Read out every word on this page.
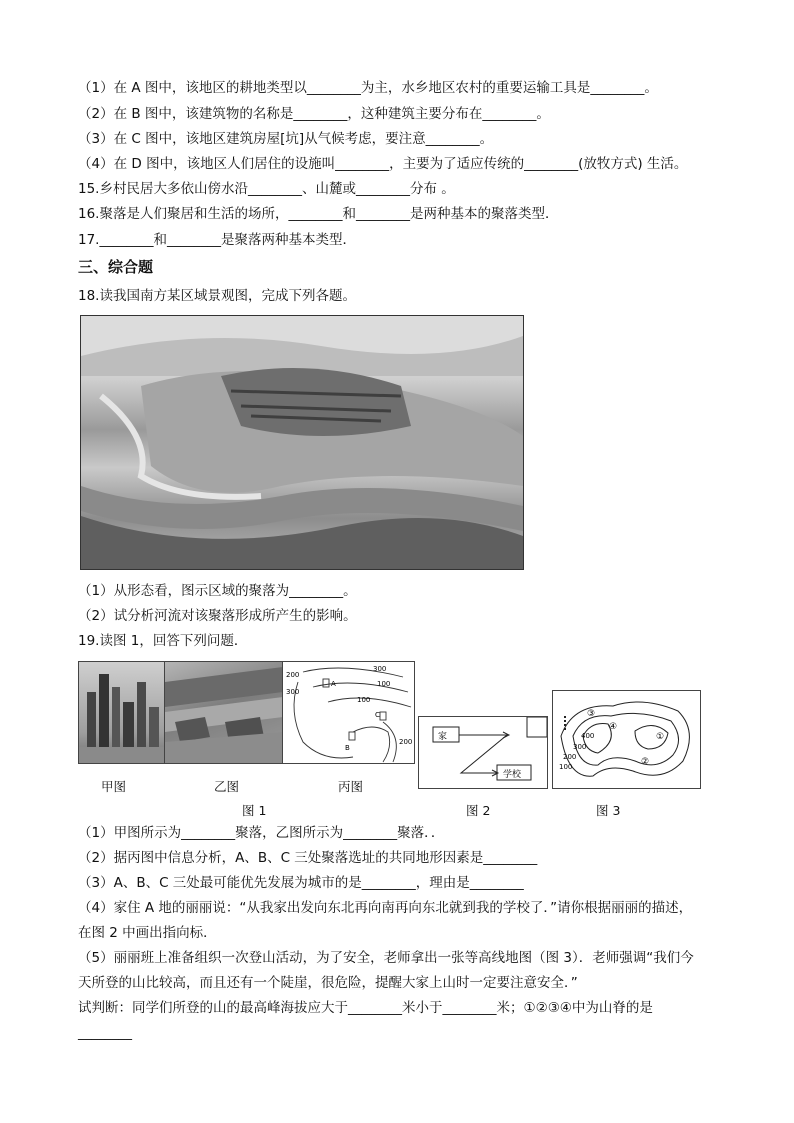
（1）在 A 图中，该地区的耕地类型以________为主，水乡地区农村的重要运输工具是________。
（2）在 B 图中，该建筑物的名称是________，这种建筑主要分布在________。
（3）在 C 图中，该地区建筑房屋[坑]从气候考虑，要注意________。
（4）在 D 图中，该地区人们居住的设施叫________，主要为了适应传统的________(放牧方式) 生活。
15.乡村民居大多依山傍水沿________、山麓或________分布 。
16.聚落是人们聚居和生活的场所，________和________是两种基本的聚落类型．
17.________和________是聚落两种基本类型．
三、综合题
18.读我国南方某区域景观图，完成下列各题。
（1）从形态看，图示区域的聚落为________。
（2）试分析河流对该聚落形成所产生的影响。
19.读图 1，回答下列问题．
300
100
200
100
300
200
A
B
C
甲图	乙图	丙图
家
学校
400
300
200
100
①
②
③
④
图 1	图 2	图 3
（1）甲图所示为________聚落，乙图所示为________聚落．．
（2）据丙图中信息分析，A、B、C 三处聚落选址的共同地形因素是________
（3）A、B、C 三处最可能优先发展为城市的是________，理由是________
（4）家住 A 地的丽丽说：“从我家出发向东北再向南再向东北就到我的学校了．”请你根据丽丽的描述，
在图 2 中画出指向标．
（5）丽丽班上准备组织一次登山活动，为了安全，老师拿出一张等高线地图（图 3）．老师强调“我们今
天所登的山比较高，而且还有一个陡崖，很危险，提醒大家上山时一定要注意安全．”
试判断：同学们所登的山的最高峰海拔应大于________米小于________米；①②③④中为山脊的是
________
